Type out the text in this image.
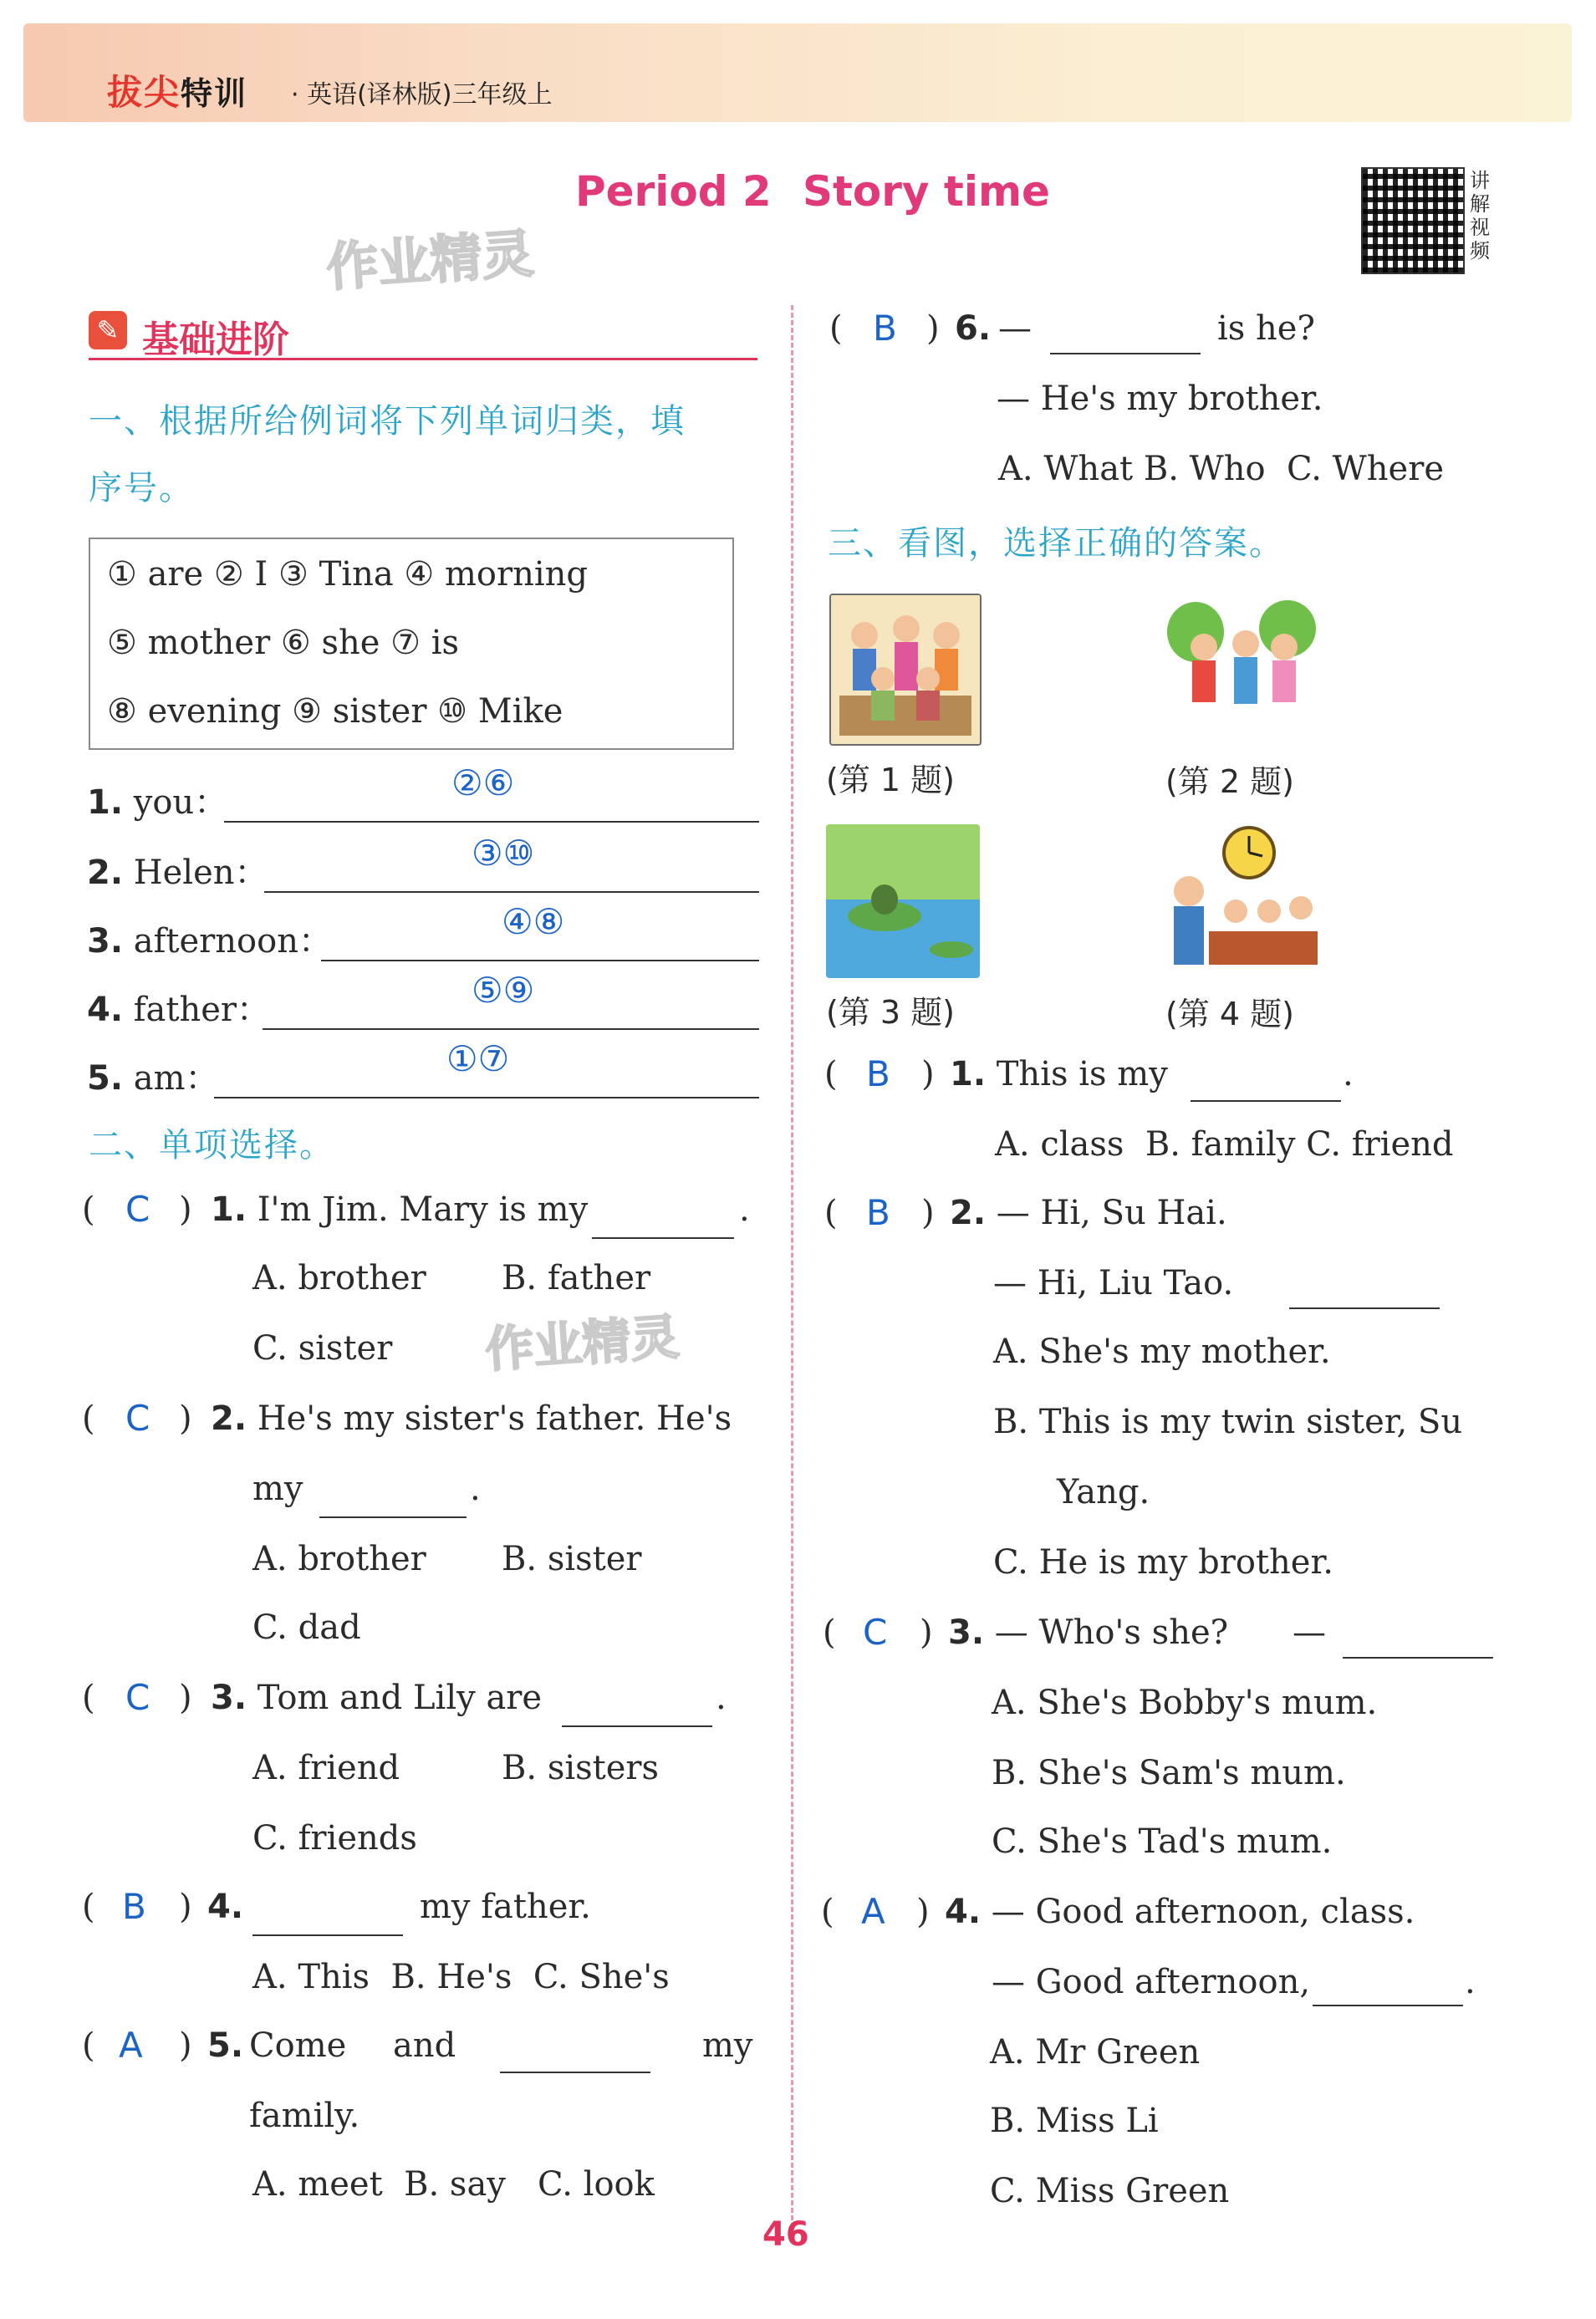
拔尖特训 · 英语(译林版)三年级上
Period 2 Story time
作业精灵
作业精灵
讲解视频
✎ 基础进阶
一、根据所给例词将下列单词归类，填
序号。
① are ② I ③ Tina ④ morning
⑤ mother ⑥ she ⑦ is
⑧ evening ⑨ sister ⑩ Mike
1. you：	②⑥
2. Helen：	③⑩
3. afternoon：	④⑧
4. father：	⑤⑨
5. am：	①⑦
二、单项选择。
( C ) 1. I'm Jim. Mary is my	.
A. brother B. father
C. sister
( C ) 2. He's my sister's father. He's
my	.
A. brother B. sister
C. dad
( C ) 3. Tom and Lily are	.
A. friend	B. sisters
C. friends
( B ) 4.	my father.
A. This  B. He's  C. She's
( A ) 5. Come and	my
family.
A. meet  B. say   C. look
( B ) 6. —	is he?
— He's my brother.
A. What B. Who  C. Where
三、看图，选择正确的答案。
(第 1 题)	(第 2 题)
(第 3 题)	(第 4 题)
( B ) 1. This is my	.
A. class  B. family C. friend
( B ) 2. — Hi, Su Hai.
— Hi, Liu Tao.
A. She's my mother.
B. This is my twin sister, Su
Yang.
C. He is my brother.
( C ) 3. — Who's she? —
A. She's Bobby's mum.
B. She's Sam's mum.
C. She's Tad's mum.
( A ) 4. — Good afternoon, class.
— Good afternoon,	.
A. Mr Green
B. Miss Li
C. Miss Green
46
